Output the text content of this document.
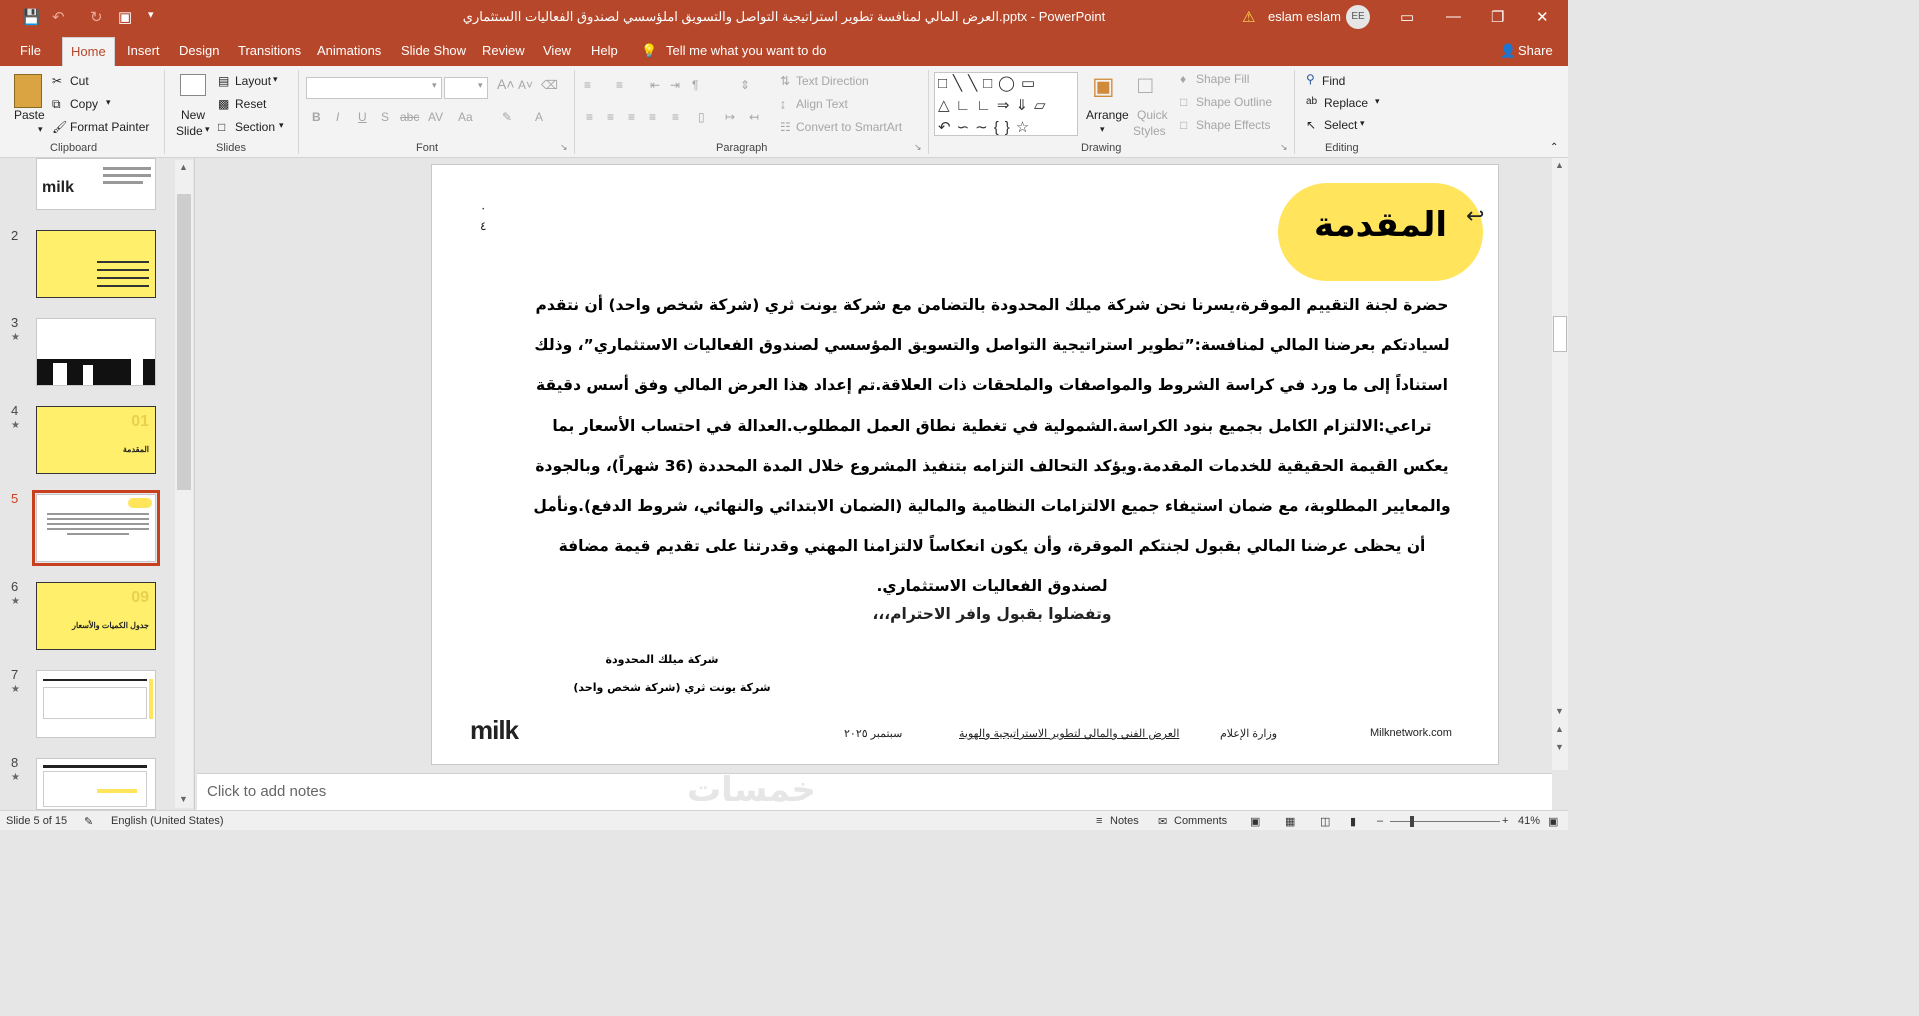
💾 ↶ ↻ ▣ ▾	العرض المالي لمنافسة تطوير استراتيجية التواصل والتسويق املؤسسي لصندوق الفعاليات االستثماري.pptx - PowerPoint	⚠ eslam eslam	EE	▭ — ❐ ✕
File	Home	Insert Design Transitions Animations Slide Show Review View Help 💡 Tell me what you want to do	👤 Share
Paste
▾
✂ Cut
⧉ Copy ▾
🖌 Format Painter
Clipboard
New
Slide ▾
▤ Layout ▾
▩ Reset
□ Section ▾
Slides
▾	▾ A˄ A˅ ⌫
B I U S abc AV Aa ✎ A
Font	↘
≡ ≡ ⇤ ⇥ ¶	⇕
≡ ≡ ≡ ≡ ≡ ▯ ↦ ↤
⇅ Text Direction
↨ Align Text
☷ Convert to SmartArt
Paragraph	↘
□╲╲□◯▭
△∟∟⇒⇓▱
↶∽∼{}☆
▣
Arrange
▾
□
Quick
Styles
♦ Shape Fill
□ Shape Outline
□ Shape Effects
Drawing	↘
⚲ Find
ab Replace ▾
↖ Select ▾
Editing	⌃
milk
2
3
★
4
★	01
المقدمة
5
6
★	09
جدول الكميات والأسعار
7
★
8
★
▲
▼
٠
٤	المقدمة ↩
حضرة لجنة التقييم الموقرة،يسرنا نحن شركة ميلك المحدودة بالتضامن مع شركة يونت ثري (شركة شخص واحد) أن نتقدم لسيادتكم بعرضنا المالي لمنافسة:”تطوير استراتيجية التواصل والتسويق المؤسسي لصندوق الفعاليات الاستثماري”، وذلك استناداً إلى ما ورد في كراسة الشروط والمواصفات والملحقات ذات العلاقة.تم إعداد هذا العرض المالي وفق أسس دقيقة تراعي:الالتزام الكامل بجميع بنود الكراسة.الشمولية في تغطية نطاق العمل المطلوب.العدالة في احتساب الأسعار بما يعكس القيمة الحقيقية للخدمات المقدمة.ويؤكد التحالف التزامه بتنفيذ المشروع خلال المدة المحددة (36 شهراً)، وبالجودة والمعايير المطلوبة، مع ضمان استيفاء جميع الالتزامات النظامية والمالية (الضمان الابتدائي والنهائي، شروط الدفع).ونأمل أن يحظى عرضنا المالي بقبول لجنتكم الموقرة، وأن يكون انعكاساً لالتزامنا المهني وقدرتنا على تقديم قيمة مضافة لصندوق الفعاليات الاستثماري.
وتفضلوا بقبول وافر الاحترام،،،
شركة ميلك المحدودة
شركة يونت ثري (شركة شخص واحد)
milk	سبتمبر ٢٠٢٥	العرض الفني والمالي لتطوير الاستراتيجية والهوية	وزارة الإعلام	Milknetwork.com
▲
▼
▲
▼
Click to add notes	خمسات
Slide 5 of 15 ✎ English (United States)	≡ Notes ✉ Comments ▣ ▦ ◫ ▮ –	+ 41% ▣
